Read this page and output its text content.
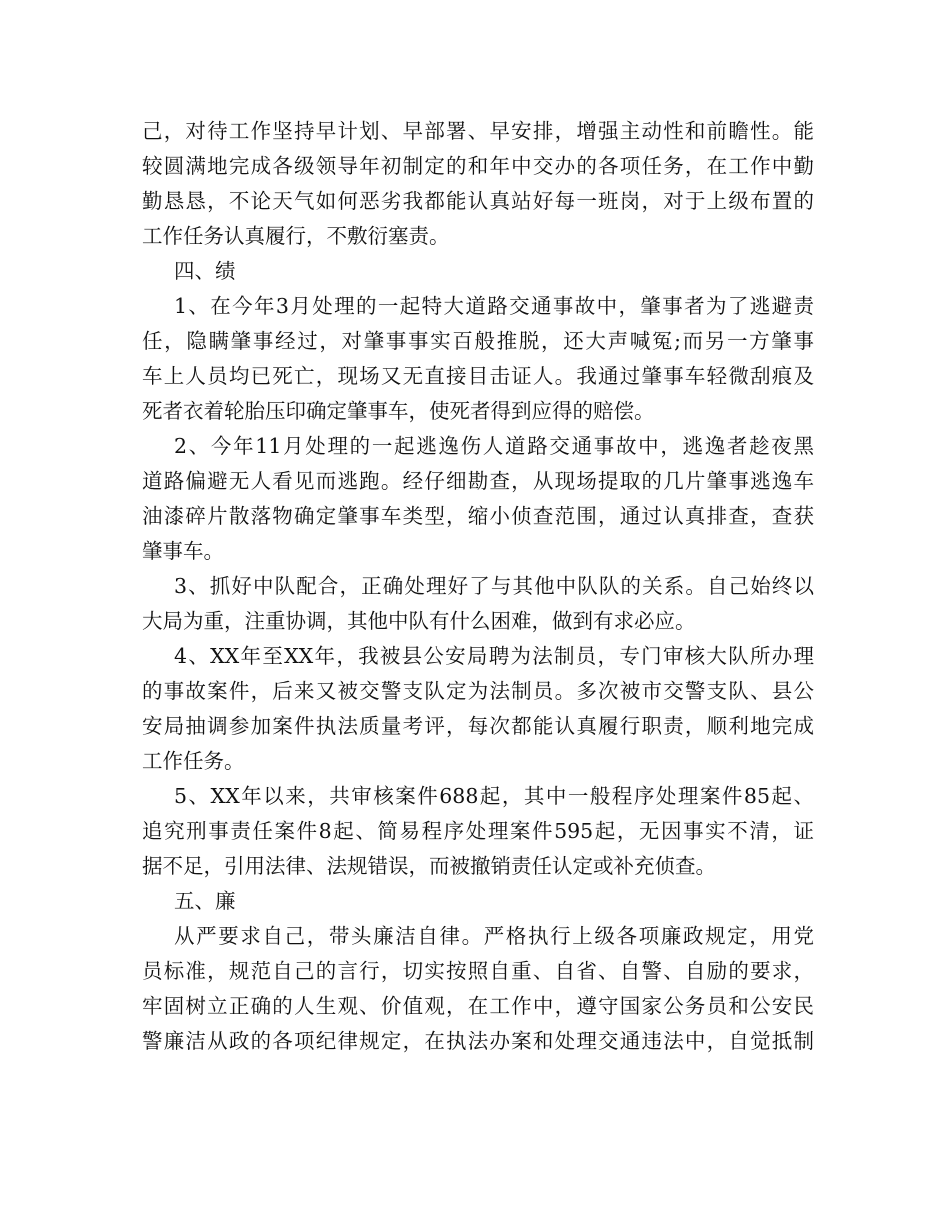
己，对待工作坚持早计划、早部署、早安排，增强主动性和前瞻性。能
较圆满地完成各级领导年初制定的和年中交办的各项任务，在工作中勤
勤恳恳，不论天气如何恶劣我都能认真站好每一班岗，对于上级布置的
工作任务认真履行，不敷衍塞责。
四、绩
1、在今年3月处理的一起特大道路交通事故中，肇事者为了逃避责
任，隐瞒肇事经过，对肇事事实百般推脱，还大声喊冤;而另一方肇事
车上人员均已死亡，现场又无直接目击证人。我通过肇事车轻微刮痕及
死者衣着轮胎压印确定肇事车，使死者得到应得的赔偿。
2、今年11月处理的一起逃逸伤人道路交通事故中，逃逸者趁夜黑
道路偏避无人看见而逃跑。经仔细勘查，从现场提取的几片肇事逃逸车
油漆碎片散落物确定肇事车类型，缩小侦查范围，通过认真排查，查获
肇事车。
3、抓好中队配合，正确处理好了与其他中队队的关系。自己始终以
大局为重，注重协调，其他中队有什么困难，做到有求必应。
4、XX年至XX年，我被县公安局聘为法制员，专门审核大队所办理
的事故案件，后来又被交警支队定为法制员。多次被市交警支队、县公
安局抽调参加案件执法质量考评，每次都能认真履行职责，顺利地完成
工作任务。
5、XX年以来，共审核案件688起，其中一般程序处理案件85起、
追究刑事责任案件8起、简易程序处理案件595起，无因事实不清，证
据不足，引用法律、法规错误，而被撤销责任认定或补充侦查。
五、廉
从严要求自己，带头廉洁自律。严格执行上级各项廉政规定，用党
员标准，规范自己的言行，切实按照自重、自省、自警、自励的要求，
牢固树立正确的人生观、价值观，在工作中，遵守国家公务员和公安民
警廉洁从政的各项纪律规定，在执法办案和处理交通违法中，自觉抵制
